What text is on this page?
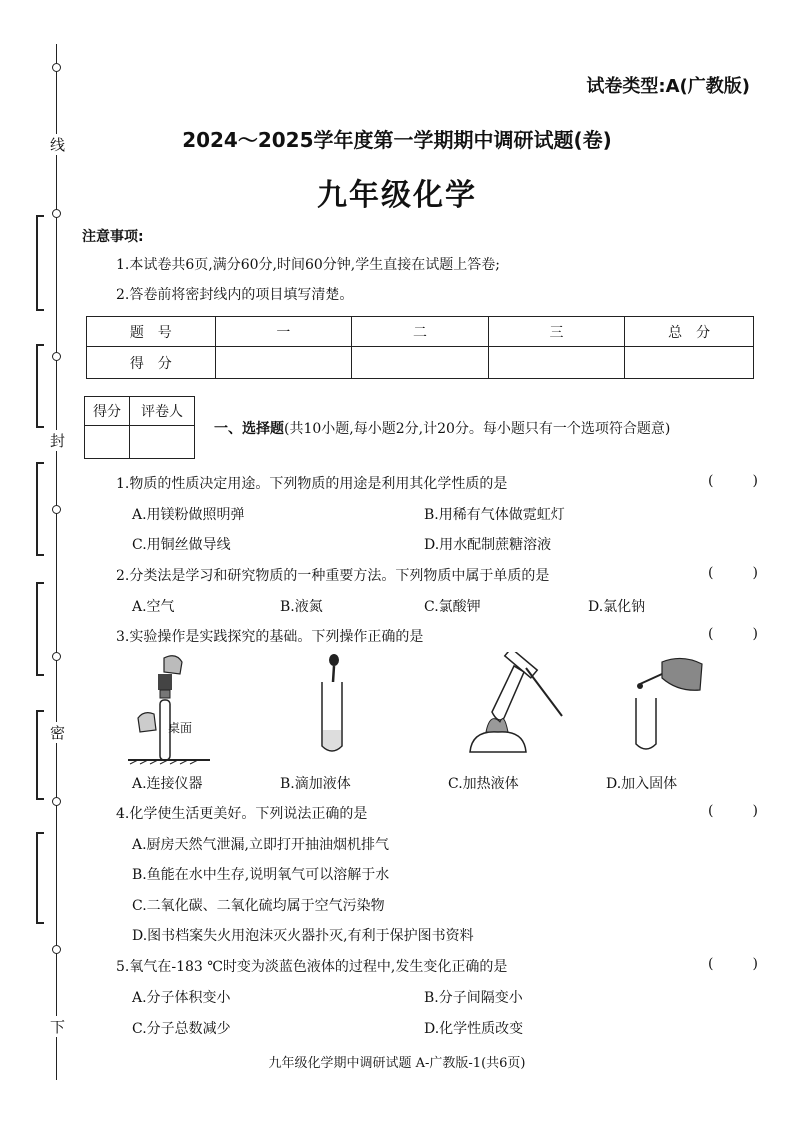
线
封
密
下
试卷类型:A(广教版)
2024～2025学年度第一学期期中调研试题(卷)
九年级化学
注意事项:
1.本试卷共6页,满分60分,时间60分钟,学生直接在试题上答卷;
2.答卷前将密封线内的项目填写清楚。
题　号	一	二	三	总　分
得　分				
得分	评卷人

一、选择题(共10小题,每小题2分,计20分。每小题只有一个选项符合题意)
1.物质的性质决定用途。下列物质的用途是利用其化学性质的是	(	)
A.用镁粉做照明弹	B.用稀有气体做霓虹灯
C.用铜丝做导线	D.用水配制蔗糖溶液
2.分类法是学习和研究物质的一种重要方法。下列物质中属于单质的是	(	)
A.空气	B.液氮	C.氯酸钾	D.氯化钠
3.实验操作是实践探究的基础。下列操作正确的是	(	)
桌面
A.连接仪器	B.滴加液体	C.加热液体	D.加入固体
4.化学使生活更美好。下列说法正确的是	(	)
A.厨房天然气泄漏,立即打开抽油烟机排气
B.鱼能在水中生存,说明氧气可以溶解于水
C.二氧化碳、二氧化硫均属于空气污染物
D.图书档案失火用泡沫灭火器扑灭,有利于保护图书资料
5.氧气在-183 ℃时变为淡蓝色液体的过程中,发生变化正确的是	(	)
A.分子体积变小	B.分子间隔变小
C.分子总数减少	D.化学性质改变
九年级化学期中调研试题 A-广教版-1(共6页)
